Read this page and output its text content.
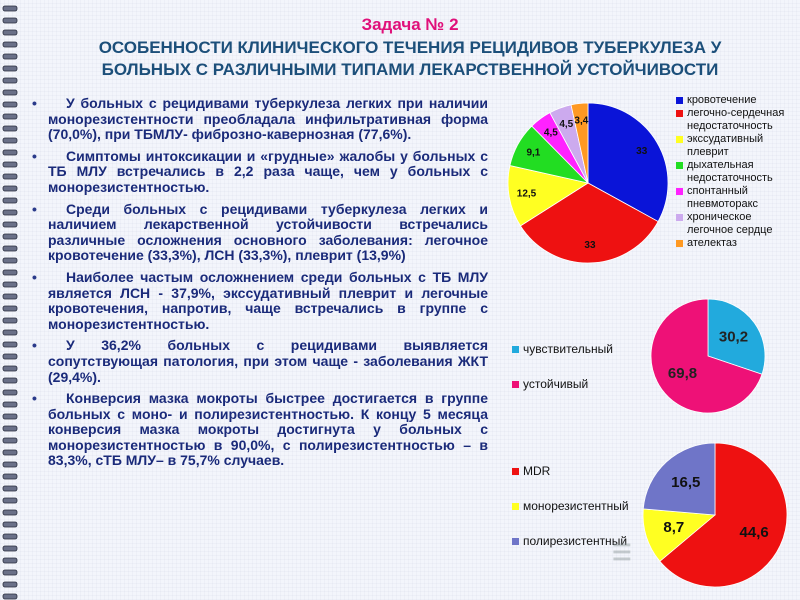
Задача № 2
ОСОБЕННОСТИ КЛИНИЧЕСКОГО ТЕЧЕНИЯ РЕЦИДИВОВ ТУБЕРКУЛЕЗА У
БОЛЬНЫХ С РАЗЛИЧНЫМИ ТИПАМИ ЛЕКАРСТВЕННОЙ УСТОЙЧИВОСТИ
• У больных с рецидивами туберкулеза легких при наличии монорезистентности преобладала инфильтративная форма (70,0%), при ТБМЛУ- фиброзно-кавернозная (77,6%).
• Симптомы интоксикации и «грудные» жалобы у больных с ТБ МЛУ встречались в 2,2 раза чаще, чем у больных с монорезистентностью.
• Среди больных с рецидивами туберкулеза легких и наличием лекарственной устойчивости встречались различные осложнения основного заболевания: легочное кровотечение (33,3%), ЛСН (33,3%), плеврит (13,9%)
• Наиболее частым осложнением среди больных с ТБ МЛУ является ЛСН - 37,9%, экссудативный плеврит и легочные кровотечения, напротив, чаще встречались в группе с монорезистентностью.
• У 36,2% больных с рецидивами выявляется сопутствующая патология, при этом чаще - заболевания ЖКТ (29,4%).
• Конверсия мазка мокроты быстрее достигается в группе больных с моно- и полирезистентностью. К концу 5 месяца конверсия мазка мокроты достигнута у больных с монорезистентностью в 90,0%, с полирезистентностью – в 83,3%, сТБ МЛУ– в 75,7% случаев.
33
33
12,5
9,1
4,5
4,5 3,4
кровотечение
легочно-сердечная недостаточность
экссудативный плеврит
дыхательная недостаточность
спонтанный пневмоторакс
хроническое легочное сердце
ателектаз
чувствительный
устойчивый
30,2
69,8
MDR
монорезистентный
полирезистентный	44,6
8,7
16,5
☰
